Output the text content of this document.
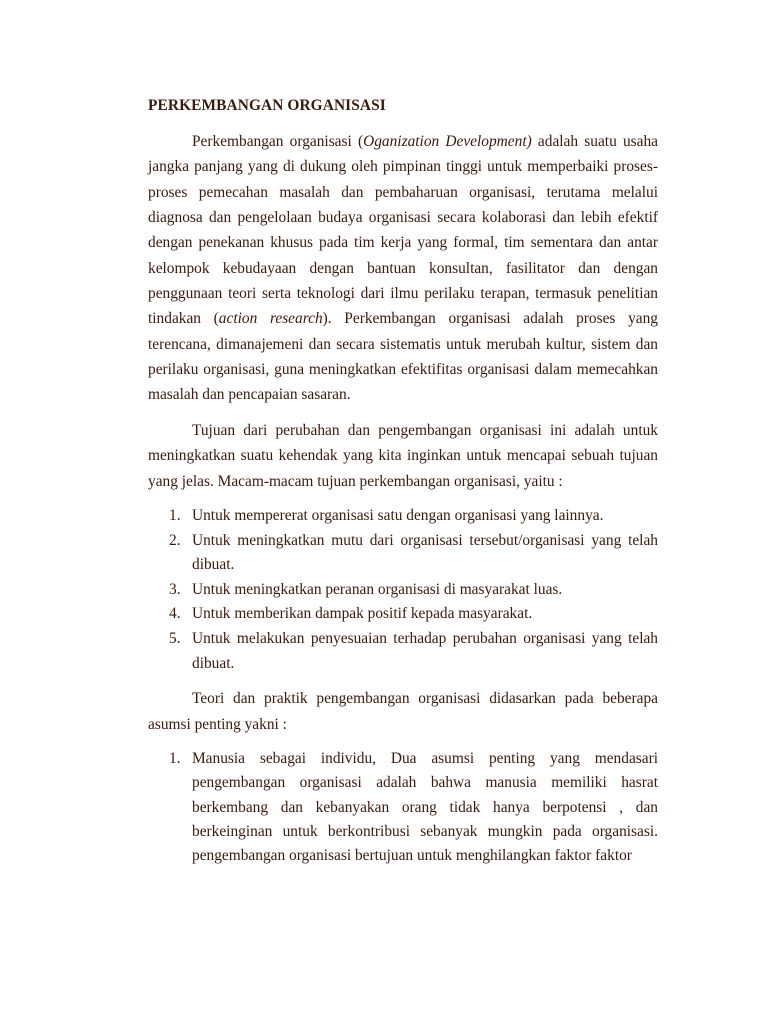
PERKEMBANGAN ORGANISASI

Perkembangan organisasi (Oganization Development) adalah suatu usaha jangka panjang yang di dukung oleh pimpinan tinggi untuk memperbaiki proses-proses pemecahan masalah dan pembaharuan organisasi, terutama melalui diagnosa dan pengelolaan budaya organisasi secara kolaborasi dan lebih efektif dengan penekanan khusus pada tim kerja yang formal, tim sementara dan antar kelompok kebudayaan dengan bantuan konsultan, fasilitator dan dengan penggunaan teori serta teknologi dari ilmu perilaku terapan, termasuk penelitian tindakan (action research). Perkembangan organisasi adalah proses yang terencana, dimanajemeni dan secara sistematis untuk merubah kultur, sistem dan perilaku organisasi, guna meningkatkan efektifitas organisasi dalam memecahkan masalah dan pencapaian sasaran.

Tujuan dari perubahan dan pengembangan organisasi ini adalah untuk meningkatkan suatu kehendak yang kita inginkan untuk mencapai sebuah tujuan yang jelas. Macam-macam tujuan perkembangan organisasi, yaitu :

1. Untuk mempererat organisasi satu dengan organisasi yang lainnya.
2. Untuk meningkatkan mutu dari organisasi tersebut/organisasi yang telah dibuat.
3. Untuk meningkatkan peranan organisasi di masyarakat luas.
4. Untuk memberikan dampak positif kepada masyarakat.
5. Untuk melakukan penyesuaian terhadap perubahan organisasi yang telah dibuat.

Teori dan praktik pengembangan organisasi didasarkan pada beberapa asumsi penting yakni :

1. Manusia sebagai individu, Dua asumsi penting yang mendasari pengembangan organisasi adalah bahwa manusia memiliki hasrat berkembang dan kebanyakan orang tidak hanya berpotensi , dan berkeinginan untuk berkontribusi sebanyak mungkin pada organisasi. pengembangan organisasi bertujuan untuk menghilangkan faktor faktor
